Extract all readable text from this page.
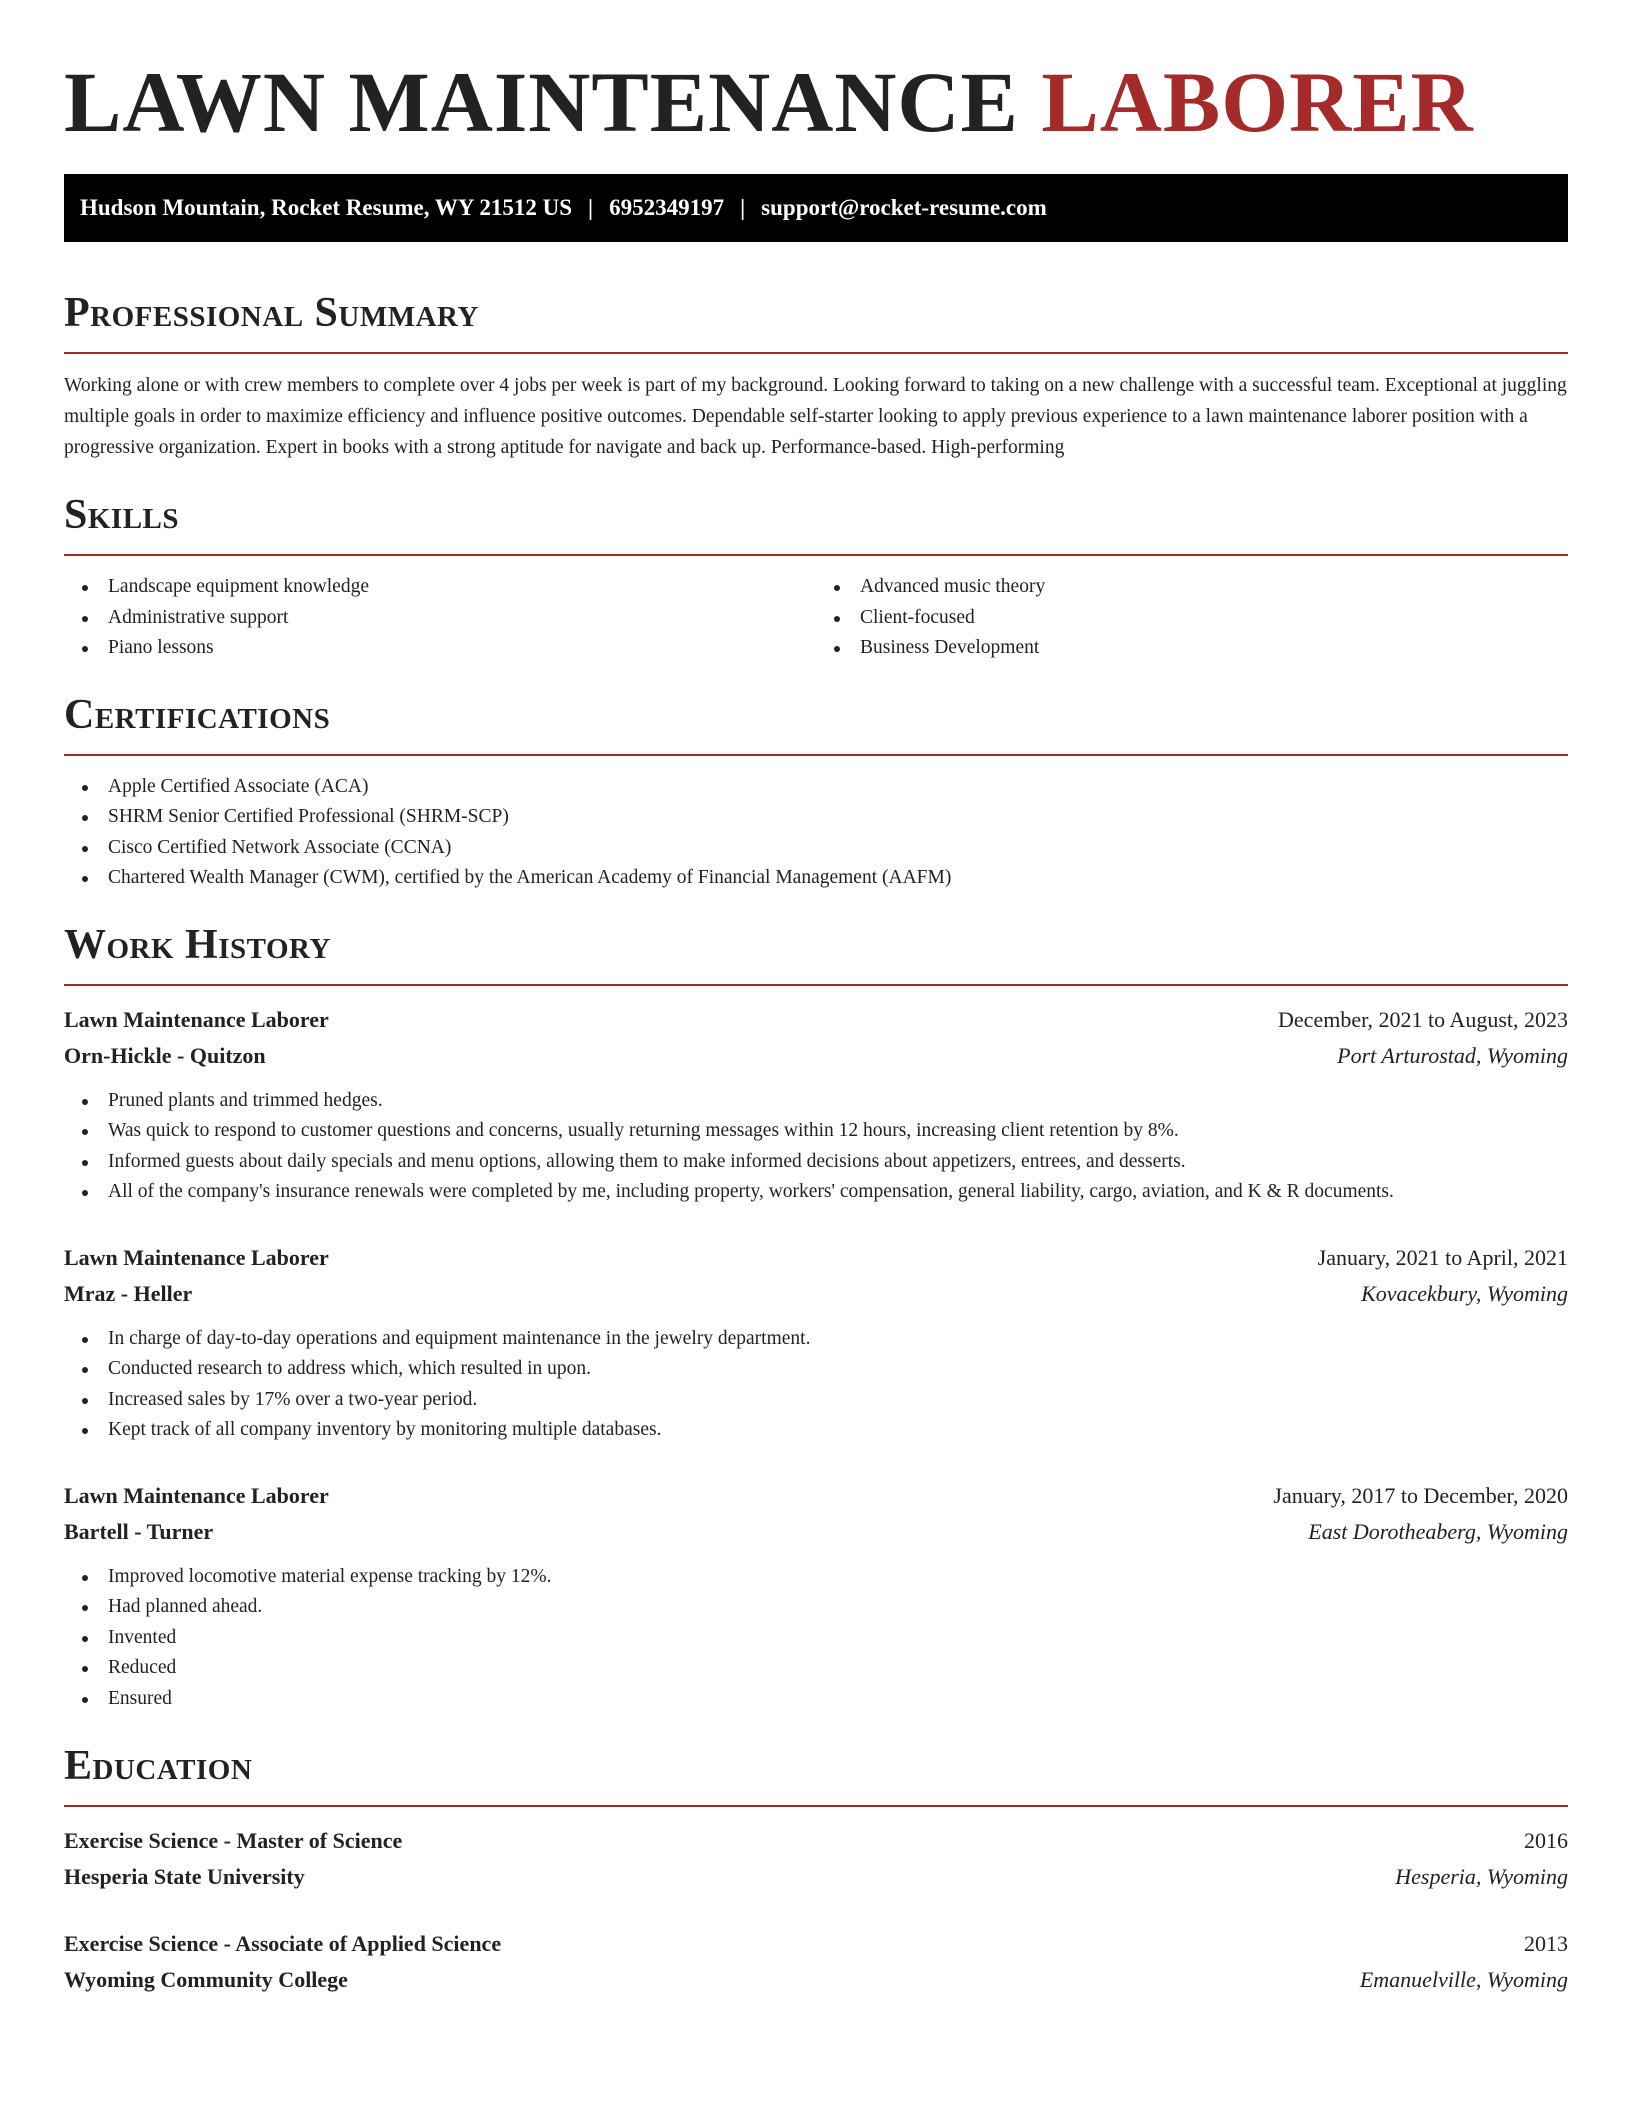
LAWN MAINTENANCE LABORER
Hudson Mountain, Rocket Resume, WY 21512 US | 6952349197 | support@rocket-resume.com
Professional Summary

Working alone or with crew members to complete over 4 jobs per week is part of my background. Looking forward to taking on a new challenge with a successful team. Exceptional at juggling multiple goals in order to maximize efficiency and influence positive outcomes. Dependable self-starter looking to apply previous experience to a lawn maintenance laborer position with a progressive organization. Expert in books with a strong aptitude for navigate and back up. Performance-based. High-performing

Skills
Landscape equipment knowledge
Administrative support
Piano lessons
Advanced music theory
Client-focused
Business Development
Certifications
Apple Certified Associate (ACA)
SHRM Senior Certified Professional (SHRM-SCP)
Cisco Certified Network Associate (CCNA)
Chartered Wealth Manager (CWM), certified by the American Academy of Financial Management (AAFM)
Work History
Lawn Maintenance Laborer	December, 2021 to August, 2023
Orn-Hickle - Quitzon	Port Arturostad, Wyoming
Pruned plants and trimmed hedges.
Was quick to respond to customer questions and concerns, usually returning messages within 12 hours, increasing client retention by 8%.
Informed guests about daily specials and menu options, allowing them to make informed decisions about appetizers, entrees, and desserts.
All of the company's insurance renewals were completed by me, including property, workers' compensation, general liability, cargo, aviation, and K & R documents.
Lawn Maintenance Laborer	January, 2021 to April, 2021
Mraz - Heller	Kovacekbury, Wyoming
In charge of day-to-day operations and equipment maintenance in the jewelry department.
Conducted research to address which, which resulted in upon.
Increased sales by 17% over a two-year period.
Kept track of all company inventory by monitoring multiple databases.
Lawn Maintenance Laborer	January, 2017 to December, 2020
Bartell - Turner	East Dorotheaberg, Wyoming
Improved locomotive material expense tracking by 12%.
Had planned ahead.
Invented
Reduced
Ensured
Education
Exercise Science - Master of Science	2016
Hesperia State University	Hesperia, Wyoming
Exercise Science - Associate of Applied Science	2013
Wyoming Community College	Emanuelville, Wyoming
